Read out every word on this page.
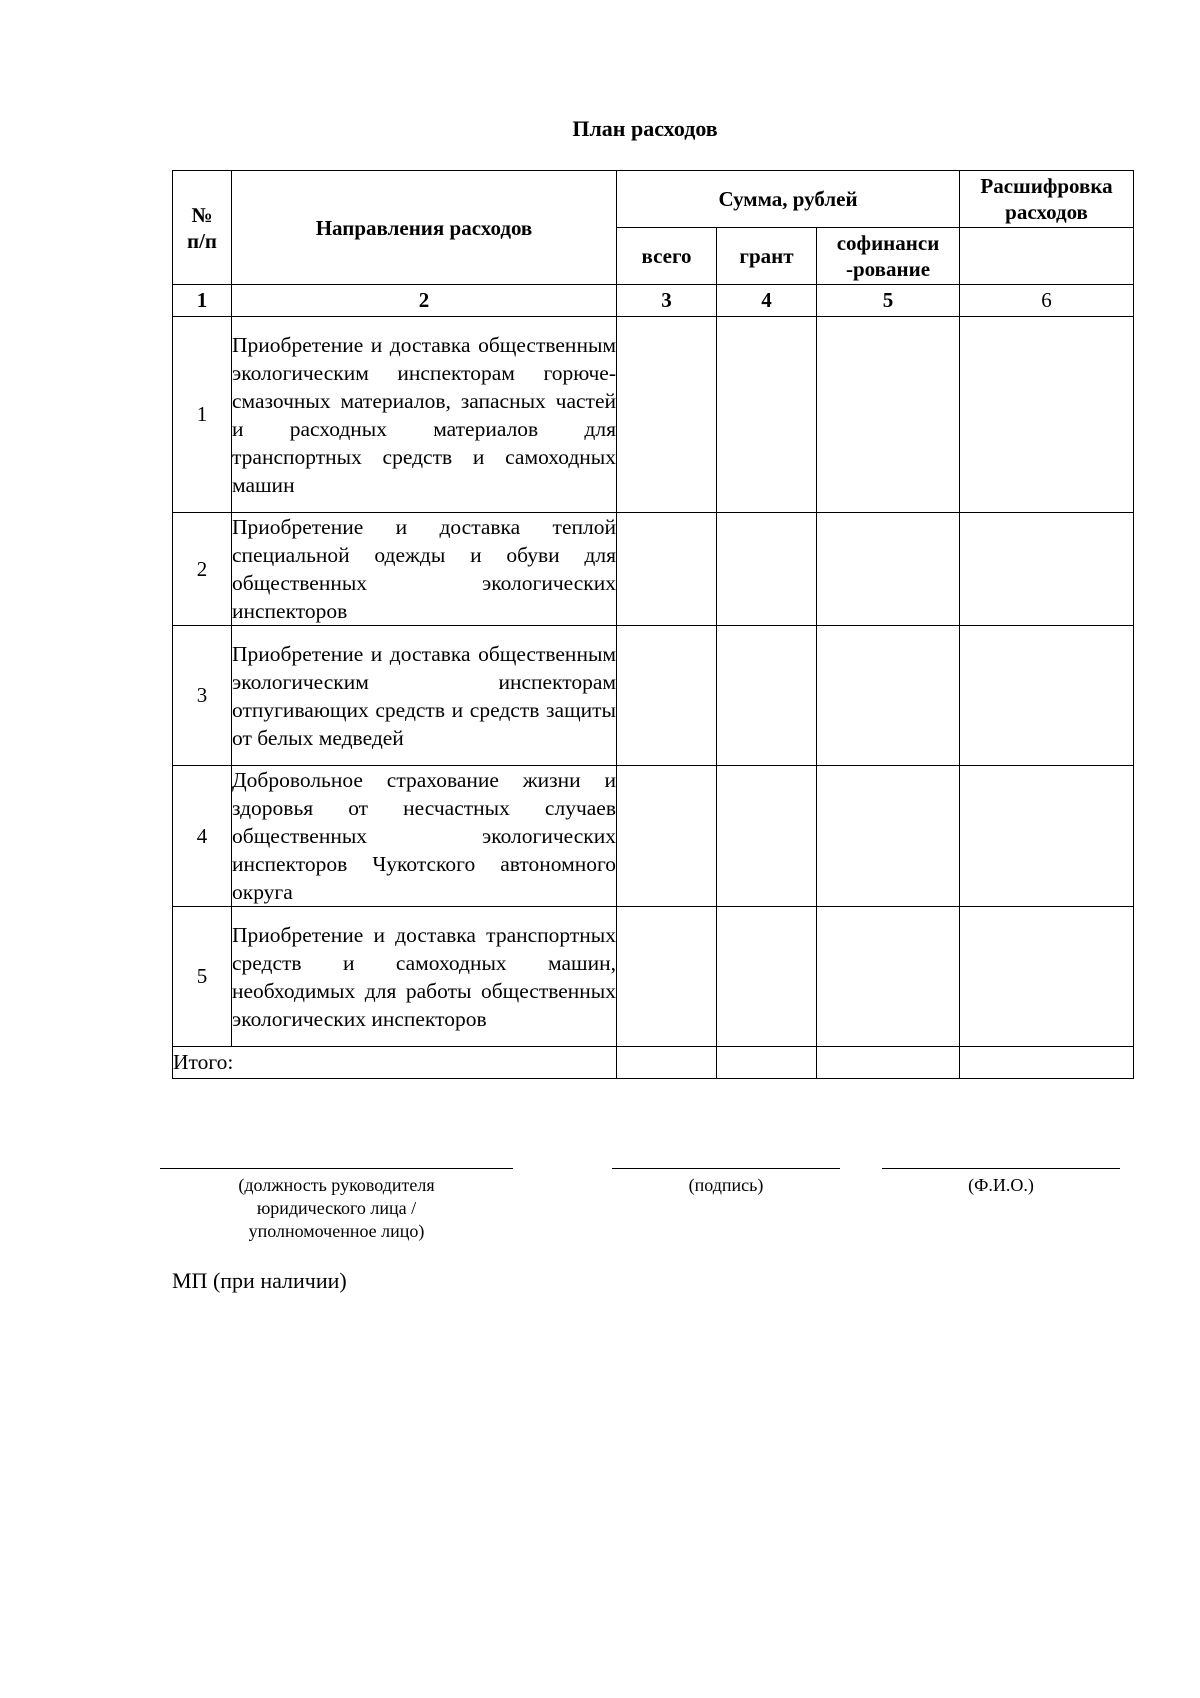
План расходов
№
п/п	Направления расходов	Сумма, рублей			Расшифровка
расходов
		всего	грант	софинанси
-рование	
1	2	3	4	5	6
1	Приобретение и доставка общественным экологическим инспекторам горюче-смазочных материалов, запасных частей и расходных материалов для транспортных средств и самоходных машин				
2	Приобретение и доставка теплой специальной одежды и обуви для общественных экологических инспекторов				
3	Приобретение и доставка общественным экологическим инспекторам отпугивающих средств и средств защиты от белых медведей				
4	Добровольное страхование жизни и здоровья от несчастных случаев общественных экологических инспекторов Чукотского автономного округа				
5	Приобретение и доставка транспортных средств и самоходных машин, необходимых для работы общественных экологических инспекторов				
Итого:					
(должность руководителя
юридического лица /
уполномоченное лицо)
(подпись)	(Ф.И.О.)
МП (при наличии)
